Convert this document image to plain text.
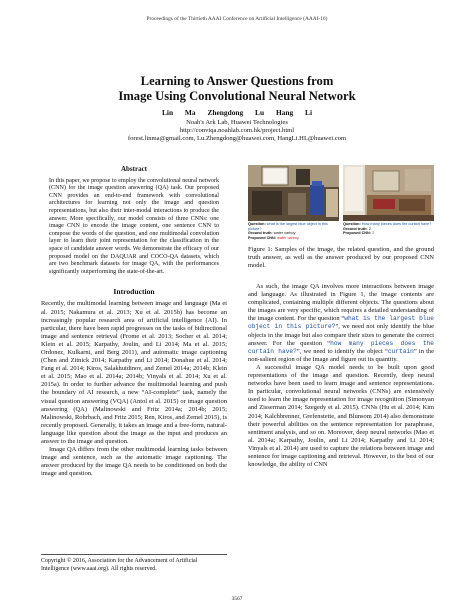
Proceedings of the Thirtieth AAAI Conference on Artificial Intelligence (AAAI-16)
Learning to Answer Questions from
Image Using Convolutional Neural Network
Lin Ma Zhengdong Lu Hang Li
Noah's Ark Lab, Huawei Technologies
http://conviqa.noahlab.com.hk/project.html
forest.linma@gmail.com, Lu.Zhengdong@huawei.com, HangLi.HL@huawei.com
Abstract

In this paper, we propose to employ the convolutional neural network (CNN) for the image question answering (QA) task. Our proposed CNN provides an end-to-end framework with convolutional architectures for learning not only the image and question representations, but also their inter-modal interactions to produce the answer. More specifically, our model consists of three CNNs: one image CNN to encode the image content, one sentence CNN to compose the words of the question, and one multimodal convolution layer to learn their joint representation for the classification in the space of candidate answer words. We demonstrate the efficacy of our proposed model on the DAQUAR and COCO-QA datasets, which are two benchmark datasets for image QA, with the performances significantly outperforming the state-of-the-art.

Introduction

Recently, the multimodal learning between image and language (Ma et al. 2015; Nakamura et al. 2013; Xu et al. 2015b) has become an increasingly popular research area of artificial intelligence (AI). In particular, there have been rapid progresses on the tasks of bidirectional image and sentence retrieval (Frome et al. 2013; Socher et al. 2014; Klein et al. 2015; Karpathy, Joulin, and Li 2014; Ma et al. 2015; Ordonez, Kulkarni, and Berg 2011), and automatic image captioning (Chen and Zitnick 2014; Karpathy and Li 2014; Donahue et al. 2014; Fang et al. 2014; Kiros, Salakhutdinov, and Zemel 2014a; 2014b; Klein et al. 2015; Mao et al. 2014a; 2014b; Vinyals et al. 2014; Xu et al. 2015a). In order to further advance the multimodal learning and push the boundary of AI research, a new “AI-complete” task, namely the visual question answering (VQA) (Antol et al. 2015) or image question answering (QA) (Malinowski and Fritz 2014a; 2014b; 2015; Malinowski, Rohrbach, and Fritz 2015; Ren, Kiros, and Zemel 2015), is recently proposed. Generally, it takes an image and a free-form, natural-language like question about the image as the input and produces an answer to the image and question.

Image QA differs from the other multimodal learning tasks between image and sentence, such as the automatic image captioning. The answer produced by the image QA needs to be conditioned on both the image and question.

Copyright © 2016, Association for the Advancement of Artificial Intelligence (www.aaai.org). All rights reserved.
Question: what is the largest blue object in this picture?
Ground truth: water carboy
Proposed CNN: water carboy
Question: How many pieces does the curtain have?
Ground truth: 2
Proposed CNN: 2
Figure 1: Samples of the image, the related question, and the ground truth answer, as well as the answer produced by our proposed CNN model.

As such, the image QA involves more interactions between image and language. As illustrated in Figure 1, the image contents are complicated, containing multiple different objects. The questions about the images are very specific, which requires a detailed understanding of the image content. For the question “what is the largest blue object in this picture?”, we need not only identify the blue objects in the image but also compare their sizes to generate the correct answer. For the question “how many pieces does the curtain have?”, we need to identify the object “curtain” in the non-salient region of the image and figure out its quantity.

A successful image QA model needs to be built upon good representations of the image and question. Recently, deep neural networks have been used to learn image and sentence representations. In particular, convolutional neural networks (CNNs) are extensively used to learn the image representation for image recognition (Simonyan and Zisserman 2014; Szegedy et al. 2015). CNNs (Hu et al. 2014; Kim 2014; Kalchbrenner, Grefenstette, and Blunsom 2014) also demonstrate their powerful abilities on the sentence representation for paraphrase, sentiment analysis, and so on. Moreover, deep neural networks (Mao et al. 2014a; Karpathy, Joulin, and Li 2014; Karpathy and Li 2014; Vinyals et al. 2014) are used to capture the relations between image and sentence for image captioning and retrieval. However, to the best of our knowledge, the ability of CNN

3567
